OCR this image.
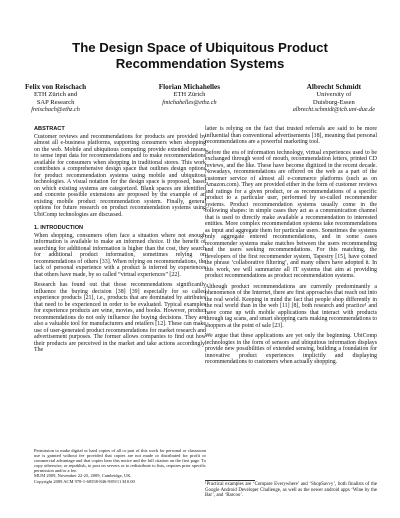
The Design Space of Ubiquitous Product Recommendation Systems
Felix von Reischach
ETH Zürich and
SAP Research
freischach@ethz.ch
Florian Michahelles
ETH Zürich
fmichahelles@ethz.ch
Albrecht Schmidt
University of
Duisburg-Essen
albrecht.schmidt@icb.uni-due.de
ABSTRACT

Customer reviews and recommendations for products are provided by almost all e-business platforms, supporting consumers when shopping on the web. Mobile and ubiquitous computing provide extended means to sense input data for recommendations and to make recommendations available for consumers when shopping in traditional stores. This work contributes a comprehensive design space that outlines design options for product recommendation systems using mobile and ubiquitous technologies. A visual notation for the design space is proposed, based on which existing systems are categorized. Blank spaces are identified and concrete possible extensions are proposed by the example of an existing mobile product recommendation system. Finally, general options for future research on product recommendation systems using UbiComp technologies are discussed.

1. INTRODUCTION

When shopping, consumers often face a situation where not enough information is available to make an informed choice. If the benefit of searching for additional information is higher than the cost, they search for additional product information, sometimes relying on recommendations of others [33]. When relying on recommendations, the lack of personal experience with a product is inferred by experiences that others have made, by so called “virtual experiences” [22].

Research has found out that those recommendations significantly influence the buying decision [38] [39] especially for so called experience products [21], i.e., products that are dominated by attributes that need to be experienced in order to be evaluated. Typical examples for experience products are wine, movies, and books. However, product recommendations do not only influence the buying decisions. They are also a valuable tool for manufacturers and retailers [12]. These can make use of user-generated product recommendations for market research and advertisement purposes. The former allows companies to find out how their products are perceived in the market and take actions accordingly. The

Permission to make digital or hard copies of all or part of this work for personal or classroom use is granted without fee provided that copies are not made or distributed for profit or commercial advantage and that copies bear this notice and the full citation on the first page. To copy otherwise, or republish, to post on servers or to redistribute to lists, requires prior specific permission and/or a fee.
MUM 2009, November 22-25, 2009, Cambridge, UK.
Copyright 2009 ACM 978-1-60558-846-9/09/11 $10.00

latter is relying on the fact that trusted referrals are said to be more influential than conventional advertisements [18], meaning that personal recommendations are a powerful marketing tool.

Before the era of information technology, virtual experiences used to be exchanged through word of mouth, recommendation letters, printed CD reviews, and the like. These have become digitized in the recent decade. Nowadays, recommendations are offered on the web as a part of the customer service of almost all e-commerce platforms (such as on Amazon.com). They are provided either in the form of customer reviews and ratings for a given product, or as recommendations of a specific product to a particular user, performed by so-called recommender systems. Product recommendation systems usually come in the following shapes: in simple cases they act as a communication channel that is used to directly make available a recommendation to interested entities. More complex recommendation systems take recommendations as input and aggregate them for particular users. Sometimes the systems only aggregate entered recommendations, and in some cases recommender systems make matches between the users recommending and the users seeking recommendations. For this matching, the developers of the first recommender system, Tapestry [15], have coined the phrase ‘collaborative filtering’, and many others have adopted it. In this work, we will summarize all IT systems that aim at providing product recommendations as product recommendation systems.

Although product recommendations are currently predominantly a phenomenon of the Internet, there are first approaches that reach out into the real world. Keeping in mind the fact that people shop differently in the real world than in the web [11] [8], both research and practice¹ and have come up with mobile applications that interact with products through tag scans, and smart shopping carts making recommendations to shoppers at the point of sale [23].

We argue that these applications are yet only the beginning. UbiComp technologies in the form of sensors and ubiquitous information displays provide new possibilities of extended sensing, building a foundation for innovative product experiences implicitly and displaying recommendations to customers when actually shopping.

¹Practical examples are ‘Compare Everywhere’ and ‘ShopSavvy’, both finalists of the Google Android Developer Challenge, as well as the newer android apps ‘Wine by the Bar’, and ‘Barcoo’.
